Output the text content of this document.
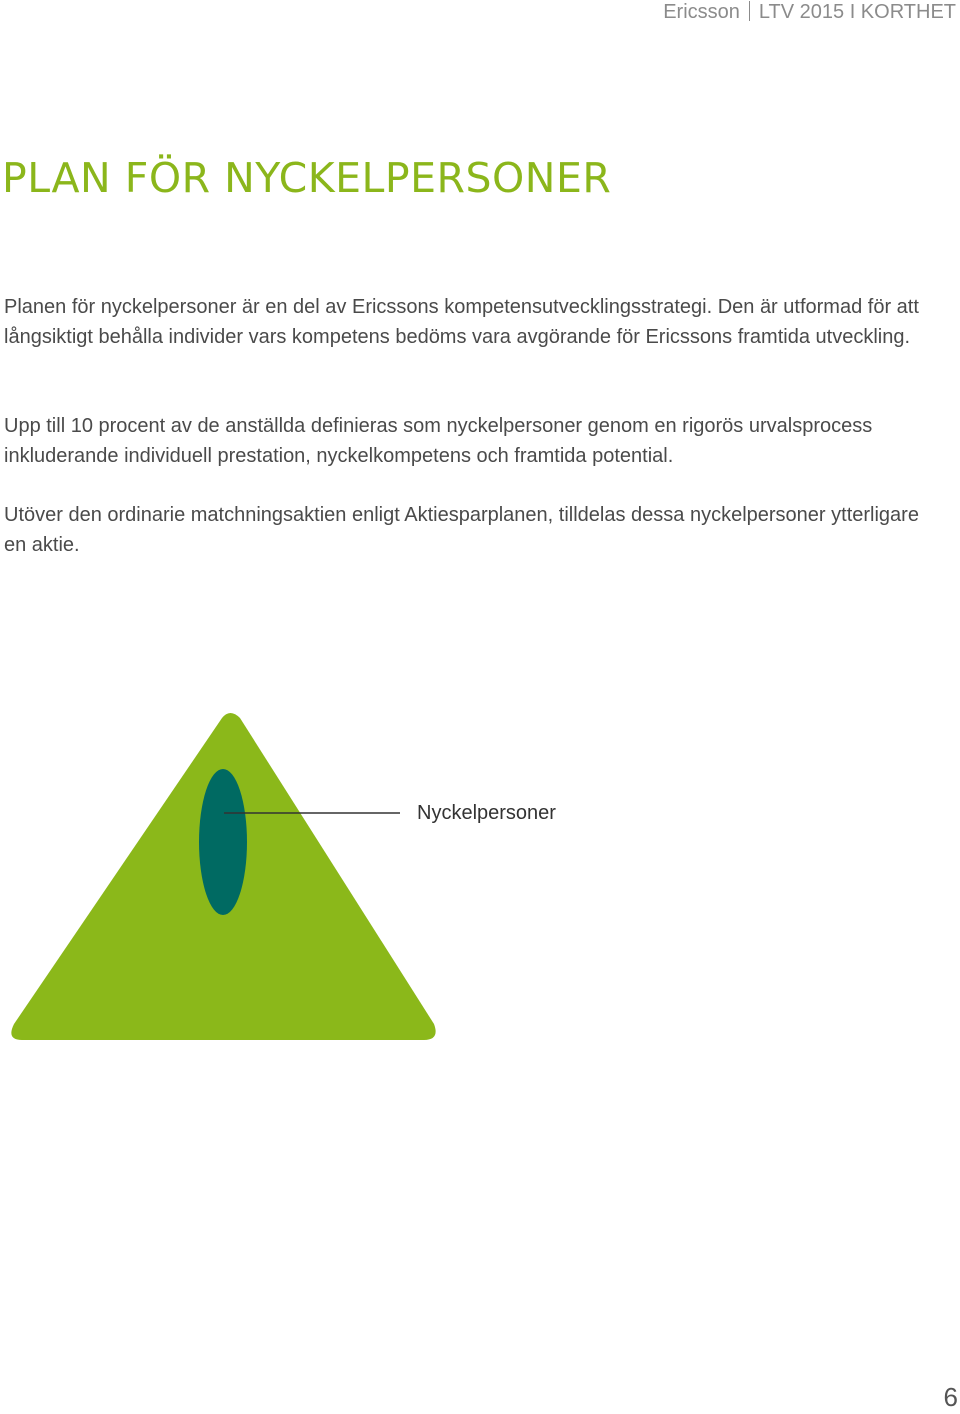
Ericsson LTV 2015 I KORTHET
PLAN FÖR NYCKELPERSONER

Planen för nyckelpersoner är en del av Ericssons kompetensutvecklingsstrategi. Den är utformad för att långsiktigt behålla individer vars kompetens bedöms vara avgörande för Ericssons framtida utveckling.

Upp till 10 procent av de anställda definieras som nyckelpersoner genom en rigorös urvalsprocess inkluderande individuell prestation, nyckelkompetens och framtida potential.

Utöver den ordinarie matchningsaktien enligt Aktiesparplanen, tilldelas dessa nyckelpersoner ytterligare en aktie.

Nyckelpersoner
6
